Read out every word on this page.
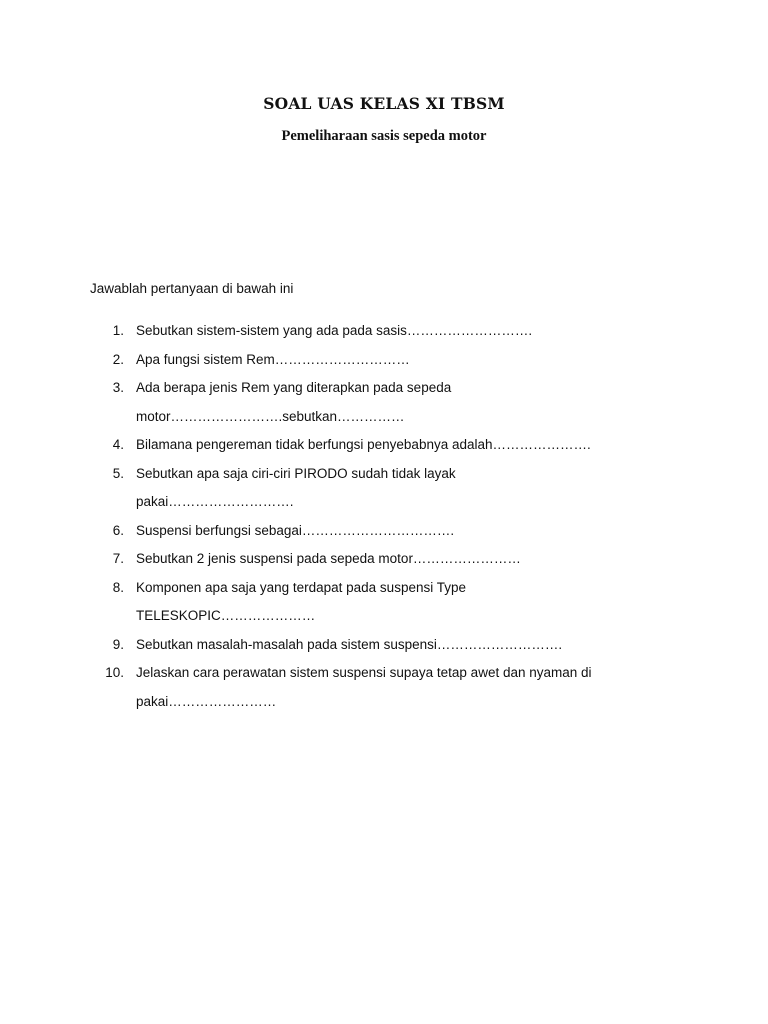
SOAL UAS KELAS XI TBSM
Pemeliharaan sasis sepeda motor
Jawablah pertanyaan di bawah ini
1. Sebutkan sistem-sistem yang ada pada sasis……………………….
2. Apa fungsi sistem Rem…………………………
3. Ada berapa jenis Rem yang diterapkan pada sepeda motor…………………….sebutkan……………
4. Bilamana pengereman tidak berfungsi penyebabnya adalah………………….
5. Sebutkan apa saja ciri-ciri PIRODO sudah tidak layak pakai……………………….
6. Suspensi berfungsi sebagai…………………………….
7. Sebutkan 2 jenis suspensi pada sepeda motor……………………
8. Komponen apa saja yang terdapat pada suspensi Type TELESKOPIC…………………
9. Sebutkan masalah-masalah pada sistem suspensi……………………….
10. Jelaskan cara perawatan sistem suspensi supaya tetap awet dan nyaman di pakai……………………
